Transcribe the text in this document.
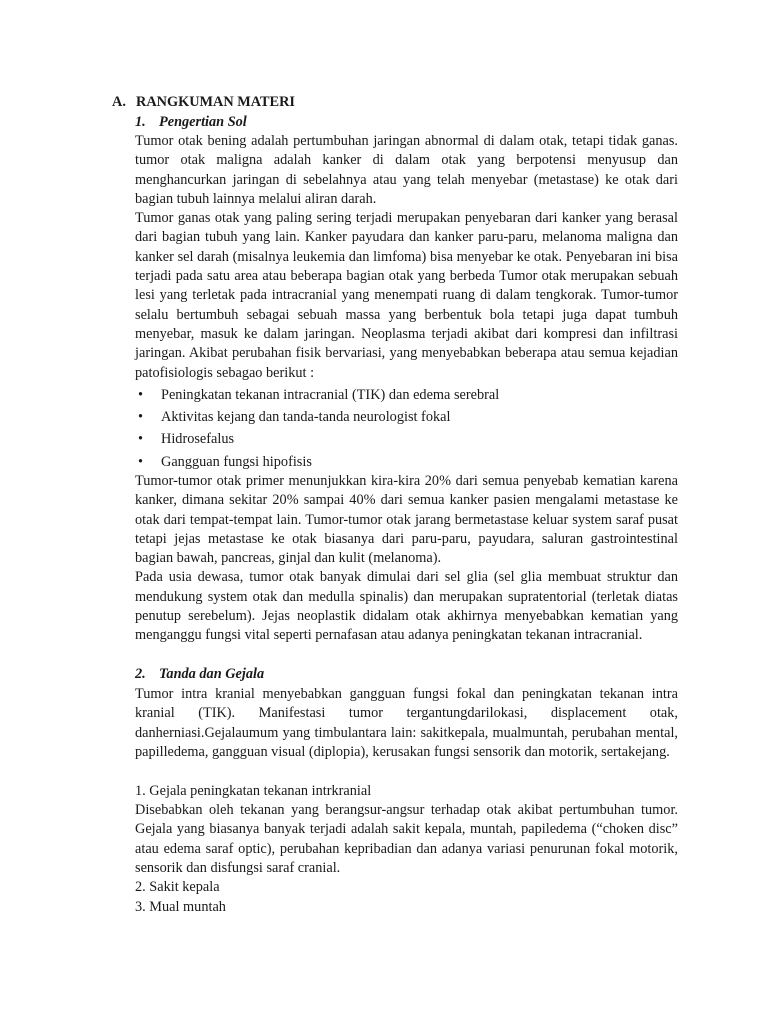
A. RANGKUMAN MATERI
1. Pengertian Sol

Tumor otak bening adalah pertumbuhan jaringan abnormal di dalam otak, tetapi tidak ganas. tumor otak maligna adalah kanker di dalam otak yang berpotensi menyusup dan menghancurkan jaringan di sebelahnya atau yang telah menyebar (metastase) ke otak dari bagian tubuh lainnya melalui aliran darah.

Tumor ganas otak yang paling sering terjadi merupakan penyebaran dari kanker yang berasal dari bagian tubuh yang lain. Kanker payudara dan kanker paru-paru, melanoma maligna dan kanker sel darah (misalnya leukemia dan limfoma) bisa menyebar ke otak. Penyebaran ini bisa terjadi pada satu area atau beberapa bagian otak yang berbeda Tumor otak merupakan sebuah lesi yang terletak pada intracranial yang menempati ruang di dalam tengkorak. Tumor-tumor selalu bertumbuh sebagai sebuah massa yang berbentuk bola tetapi juga dapat tumbuh menyebar, masuk ke dalam jaringan. Neoplasma terjadi akibat dari kompresi dan infiltrasi jaringan. Akibat perubahan fisik bervariasi, yang menyebabkan beberapa atau semua kejadian patofisiologis sebagao berikut :

• Peningkatan tekanan intracranial (TIK) dan edema serebral
• Aktivitas kejang dan tanda-tanda neurologist fokal
• Hidrosefalus
• Gangguan fungsi hipofisis

Tumor-tumor otak primer menunjukkan kira-kira 20% dari semua penyebab kematian karena kanker, dimana sekitar 20% sampai 40% dari semua kanker pasien mengalami metastase ke otak dari tempat-tempat lain. Tumor-tumor otak jarang bermetastase keluar system saraf pusat tetapi jejas metastase ke otak biasanya dari paru-paru, payudara, saluran gastrointestinal bagian bawah, pancreas, ginjal dan kulit (melanoma).

Pada usia dewasa, tumor otak banyak dimulai dari sel glia (sel glia membuat struktur dan mendukung system otak dan medulla spinalis) dan merupakan supratentorial (terletak diatas penutup serebelum). Jejas neoplastik didalam otak akhirnya menyebabkan kematian yang menganggu fungsi vital seperti pernafasan atau adanya peningkatan tekanan intracranial.

2. Tanda dan Gejala

Tumor intra kranial menyebabkan gangguan fungsi fokal dan peningkatan tekanan intra kranial (TIK). Manifestasi tumor tergantungdarilokasi, displacement otak, danherniasi.Gejalaumum yang timbulantara lain: sakitkepala, mualmuntah, perubahan mental, papilledema, gangguan visual (diplopia), kerusakan fungsi sensorik dan motorik, sertakejang.

1. Gejala peningkatan tekanan intrkranial

Disebabkan oleh tekanan yang berangsur-angsur terhadap otak akibat pertumbuhan tumor. Gejala yang biasanya banyak terjadi adalah sakit kepala, muntah, papiledema (“choken disc” atau edema saraf optic), perubahan kepribadian dan adanya variasi penurunan fokal motorik, sensorik dan disfungsi saraf cranial.

2. Sakit kepala
3. Mual muntah
